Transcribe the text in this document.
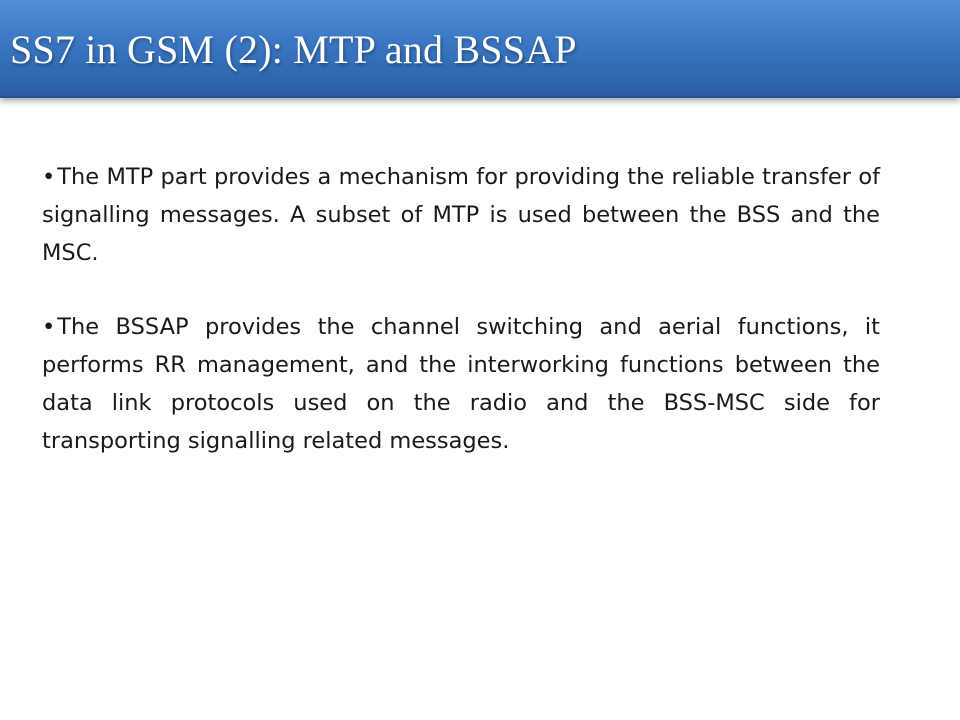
SS7 in GSM (2): MTP and BSSAP

•The MTP part provides a mechanism for providing the reliable transfer of signalling messages. A subset of MTP is used between the BSS and the MSC.

•The BSSAP provides the channel switching and aerial functions, it performs RR management, and the interworking functions between the data link protocols used on the radio and the BSS-MSC side for transporting signalling related messages.
